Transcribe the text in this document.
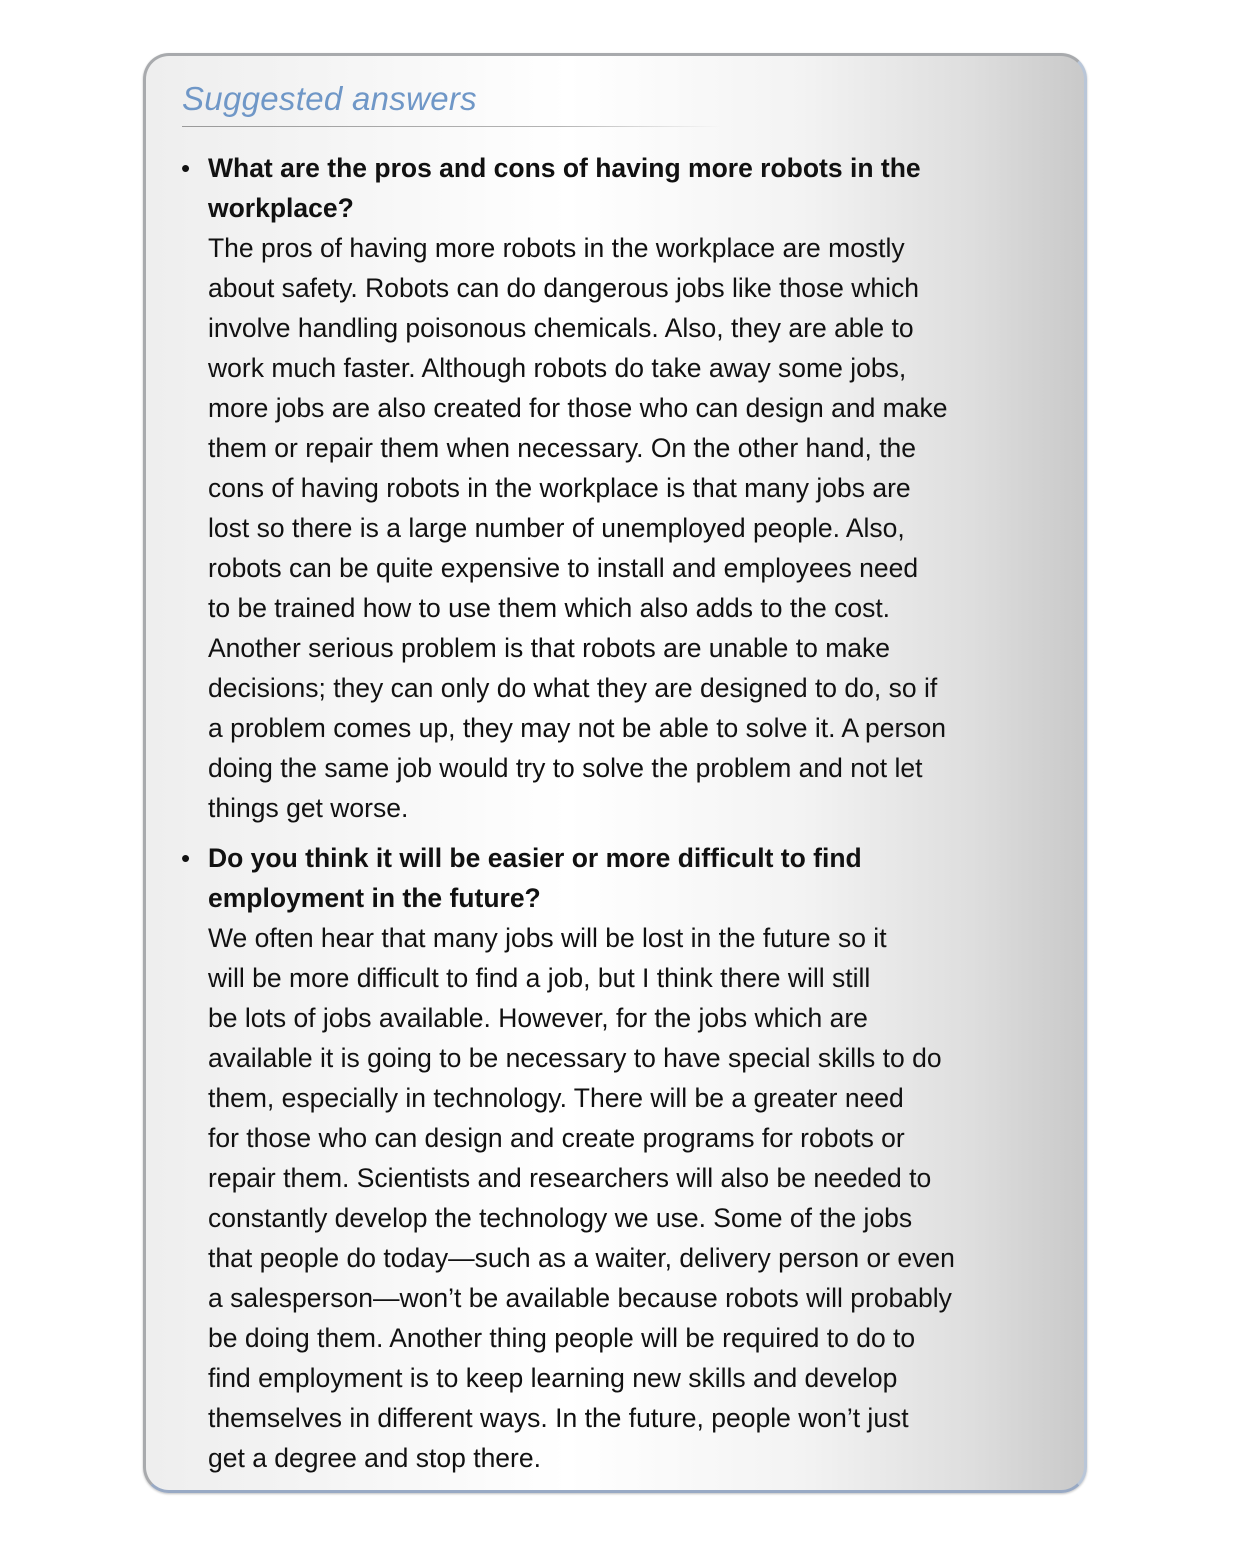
Suggested answers
• What are the pros and cons of having more robots in the
workplace?

The pros of having more robots in the workplace are mostly
about safety. Robots can do dangerous jobs like those which
involve handling poisonous chemicals. Also, they are able to
work much faster. Although robots do take away some jobs,
more jobs are also created for those who can design and make
them or repair them when necessary. On the other hand, the
cons of having robots in the workplace is that many jobs are
lost so there is a large number of unemployed people. Also,
robots can be quite expensive to install and employees need
to be trained how to use them which also adds to the cost.
Another serious problem is that robots are unable to make
decisions; they can only do what they are designed to do, so if
a problem comes up, they may not be able to solve it. A person
doing the same job would try to solve the problem and not let
things get worse.

• Do you think it will be easier or more difficult to find
employment in the future?

We often hear that many jobs will be lost in the future so it
will be more difficult to find a job, but I think there will still
be lots of jobs available. However, for the jobs which are
available it is going to be necessary to have special skills to do
them, especially in technology. There will be a greater need
for those who can design and create programs for robots or
repair them. Scientists and researchers will also be needed to
constantly develop the technology we use. Some of the jobs
that people do today—such as a waiter, delivery person or even
a salesperson—won’t be available because robots will probably
be doing them. Another thing people will be required to do to
find employment is to keep learning new skills and develop
themselves in different ways. In the future, people won’t just
get a degree and stop there.
